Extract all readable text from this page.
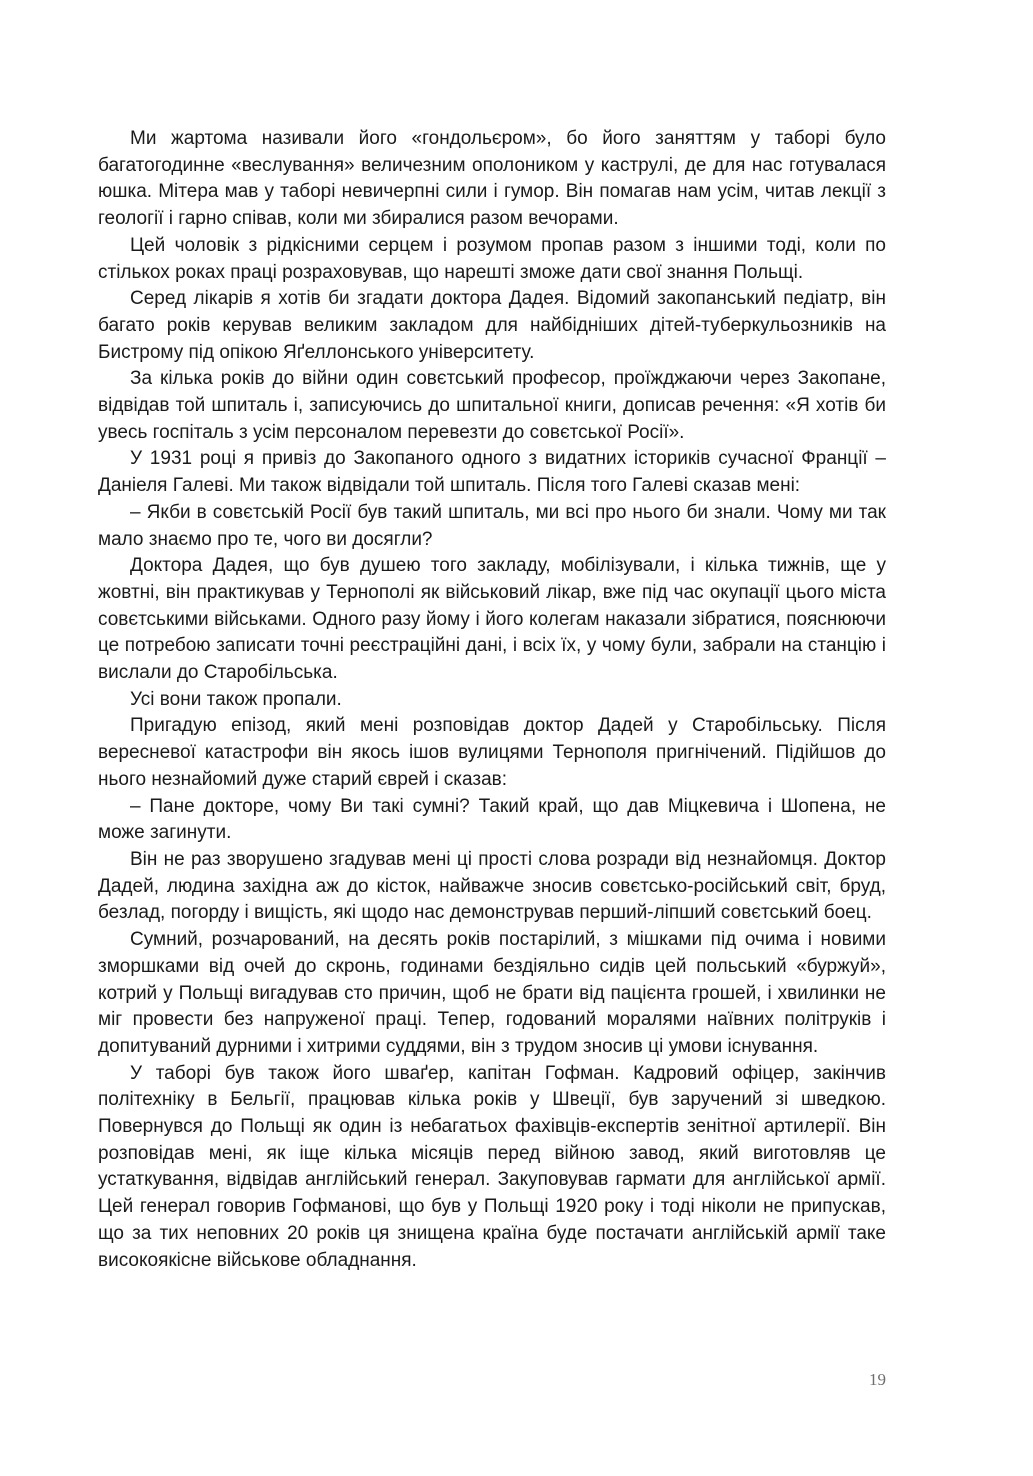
Ми жартома називали його «гондольєром», бо його заняттям у таборі було багатогодинне «веслування» величезним ополоником у каструлі, де для нас готувалася юшка. Мітера мав у таборі невичерпні сили і гумор. Він помагав нам усім, читав лекції з геології і гарно співав, коли ми збиралися разом вечорами.

Цей чоловік з рідкісними серцем і розумом пропав разом з іншими тоді, коли по стількох роках праці розраховував, що нарешті зможе дати свої знання Польщі.

Серед лікарів я хотів би згадати доктора Дадея. Відомий закопанський педіатр, він багато років керував великим закладом для найбідніших дітей-туберкульозників на Бистрому під опікою Яґеллонського університету.

За кілька років до війни один совєтський професор, проїжджаючи через Закопане, відвідав той шпиталь і, записуючись до шпитальної книги, дописав речення: «Я хотів би увесь госпіталь з усім персоналом перевезти до совєтської Росії».

У 1931 році я привіз до Закопаного одного з видатних істориків сучасної Франції – Даніеля Галеві. Ми також відвідали той шпиталь. Після того Галеві сказав мені:

– Якби в совєтській Росії був такий шпиталь, ми всі про нього би знали. Чому ми так мало знаємо про те, чого ви досягли?

Доктора Дадея, що був душею того закладу, мобілізували, і кілька тижнів, ще у жовтні, він практикував у Тернополі як військовий лікар, вже під час окупації цього міста совєтськими військами. Одного разу йому і його колегам наказали зібратися, пояснюючи це потребою записати точні реєстраційні дані, і всіх їх, у чому були, забрали на станцію і вислали до Старобільська.

Усі вони також пропали.

Пригадую епізод, який мені розповідав доктор Дадей у Старобільську. Після вересневої катастрофи він якось ішов вулицями Тернополя пригнічений. Підійшов до нього незнайомий дуже старий єврей і сказав:

– Пане докторе, чому Ви такі сумні? Такий край, що дав Міцкевича і Шопена, не може загинути.

Він не раз зворушено згадував мені ці прості слова розради від незнайомця. Доктор Дадей, людина західна аж до кісток, найважче зносив совєтсько-російський світ, бруд, безлад, погорду і вищість, які щодо нас демонстрував перший-ліпший совєтський боец.

Сумний, розчарований, на десять років постарілий, з мішками під очима і новими зморшками від очей до скронь, годинами бездіяльно сидів цей польський «буржуй», котрий у Польщі вигадував сто причин, щоб не брати від пацієнта грошей, і хвилинки не міг провести без напруженої праці. Тепер, годований моралями наївних політруків і допитуваний дурними і хитрими суддями, він з трудом зносив ці умови існування.

У таборі був також його шваґер, капітан Гофман. Кадровий офіцер, закінчив політехніку в Бельгії, працював кілька років у Швеції, був заручений зі шведкою. Повернувся до Польщі як один із небагатьох фахівців-експертів зенітної артилерії. Він розповідав мені, як іще кілька місяців перед війною завод, який виготовляв це устаткування, відвідав англійський генерал. Закуповував гармати для англійської армії. Цей генерал говорив Гофманові, що був у Польщі 1920 року і тоді ніколи не припускав, що за тих неповних 20 років ця знищена країна буде постачати англійській армії таке високоякісне військове обладнання.

19
